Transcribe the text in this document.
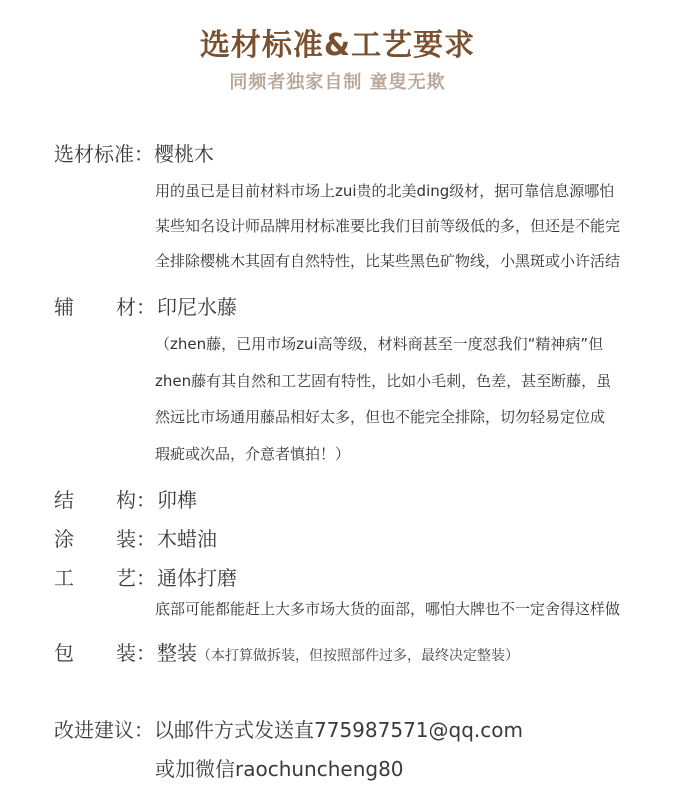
选材标准&工艺要求
同频者独家自制 童叟无欺
选材标准：樱桃木
用的虽已是目前材料市场上zui贵的北美ding级材，据可靠信息源哪怕
某些知名设计师品牌用材标准要比我们目前等级低的多，但还是不能完
全排除樱桃木其固有自然特性，比某些黑色矿物线，小黑斑或小许活结
辅 材：印尼水藤
（zhen藤，已用市场zui高等级，材料商甚至一度怼我们“精神病”但
zhen藤有其自然和工艺固有特性，比如小毛刺，色差，甚至断藤，虽
然远比市场通用藤品相好太多，但也不能完全排除，切勿轻易定位成
瑕疵或次品，介意者慎拍！）
结 构：卯榫
涂 装：木蜡油
工 艺：通体打磨
底部可能都能赶上大多市场大货的面部，哪怕大牌也不一定舍得这样做
包 装：整装（本打算做拆装，但按照部件过多，最终决定整装）
改进建议：以邮件方式发送直775987571@qq.com
或加微信raochuncheng80
